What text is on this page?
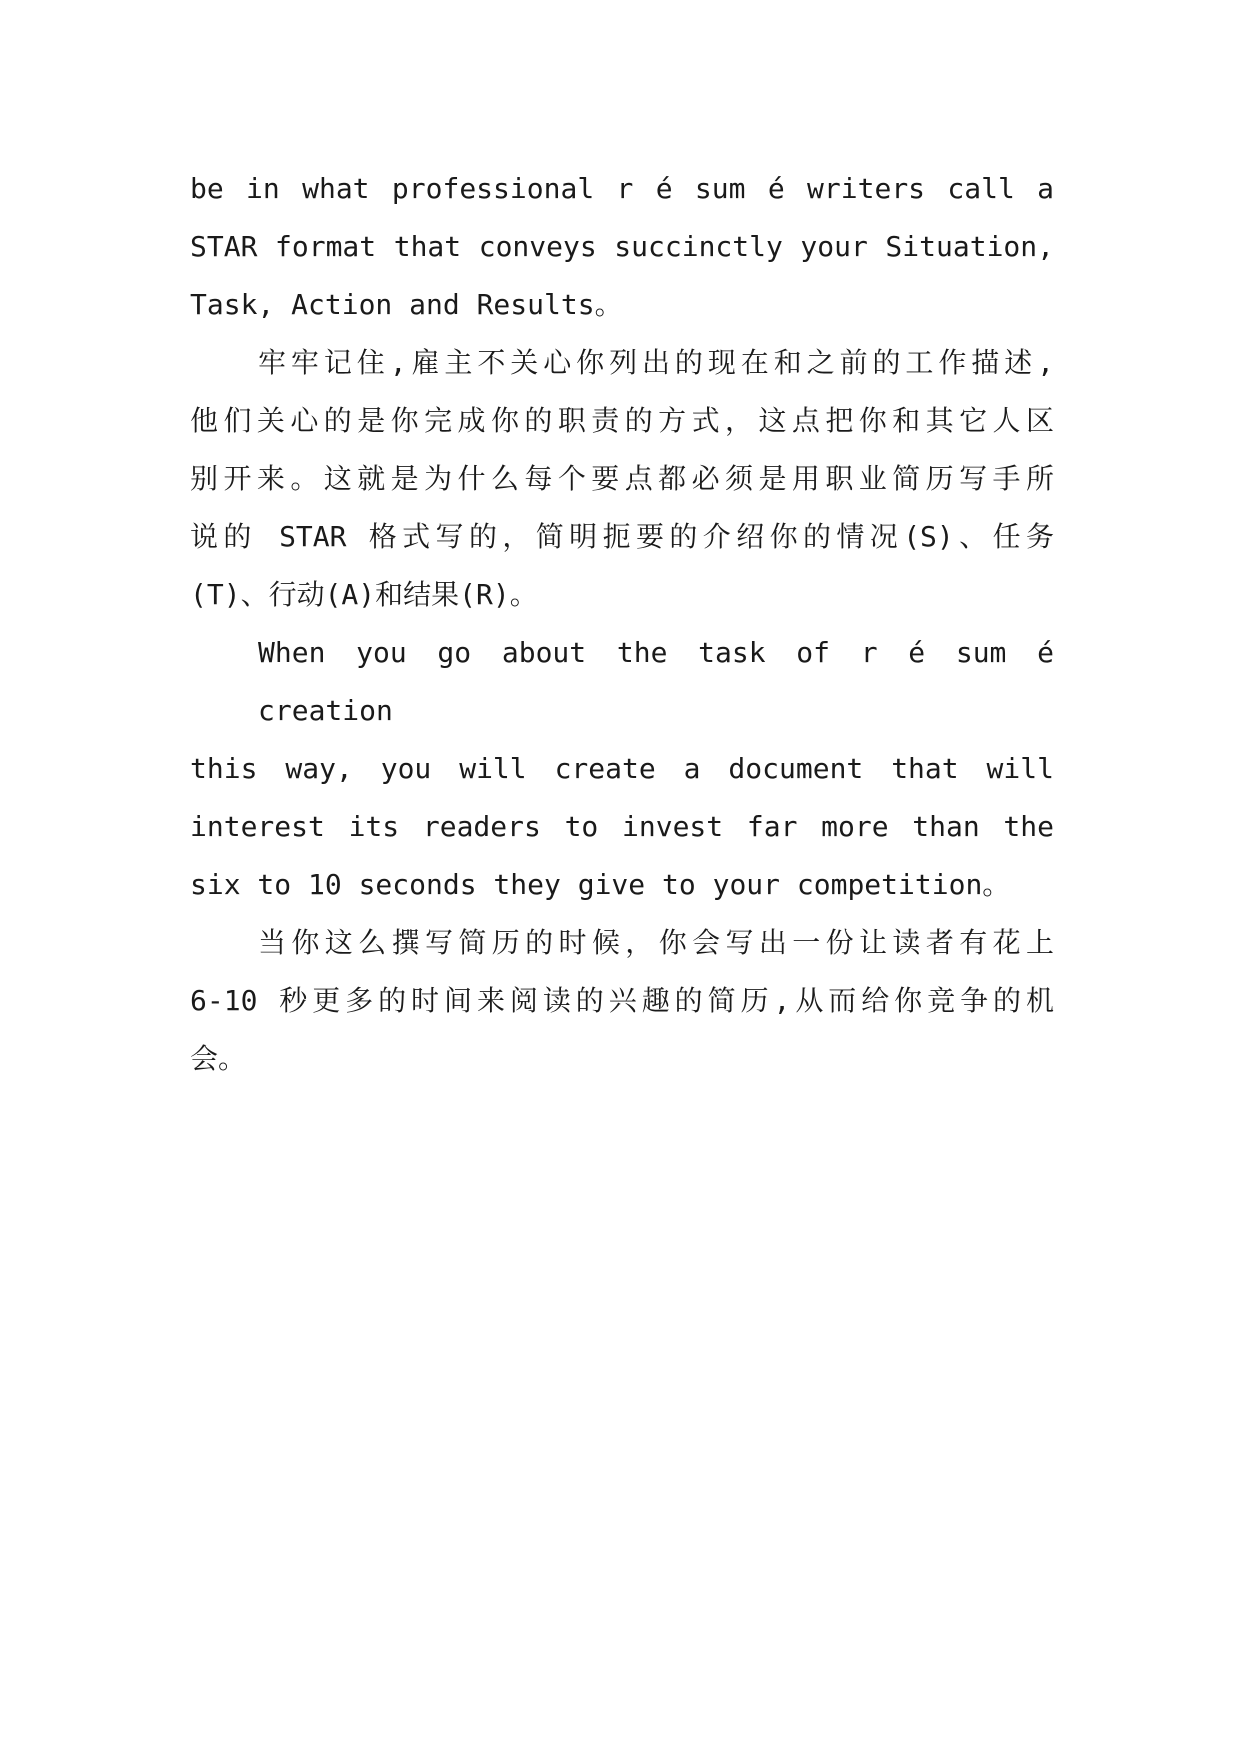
be in what professional r é sum é writers call a
STAR format that conveys succinctly your Situation,
Task, Action and Results。

牢牢记住,雇主不关心你列出的现在和之前的工作描述,
他们关心的是你完成你的职责的方式，这点把你和其它人区
别开来。这就是为什么每个要点都必须是用职业简历写手所
说的 STAR 格式写的，简明扼要的介绍你的情况(S)、任务
(T)、行动(A)和结果(R)。

When you go about the task of r é sum é creation
this way, you will create a document that will
interest its readers to invest far more than the
six to 10 seconds they give to your competition。

当你这么撰写简历的时候，你会写出一份让读者有花上
6-10 秒更多的时间来阅读的兴趣的简历,从而给你竞争的机
会。
